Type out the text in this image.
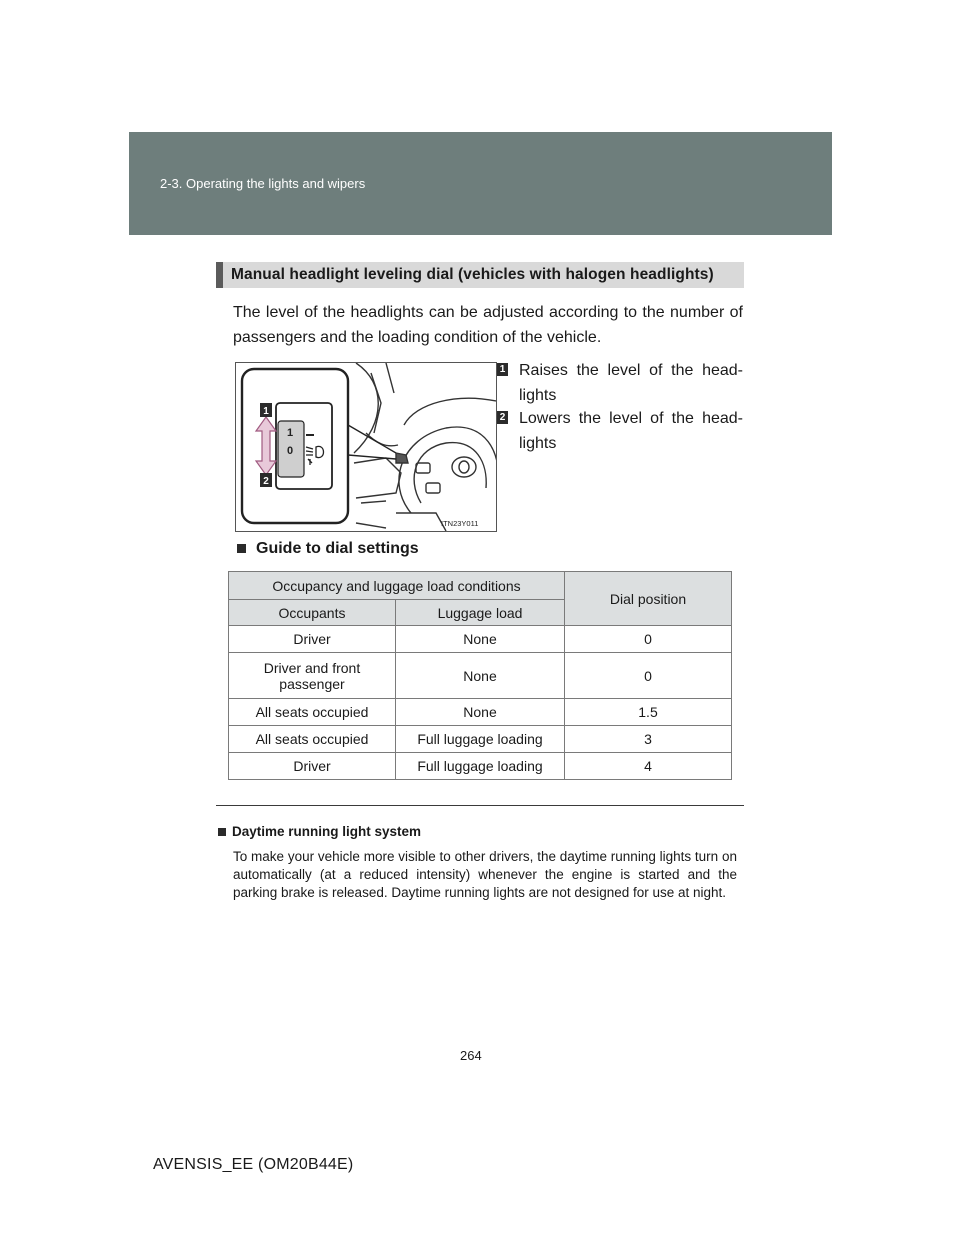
2-3. Operating the lights and wipers
Manual headlight leveling dial (vehicles with halogen headlights)
The level of the headlights can be adjusted according to the number of passengers and the loading condition of the vehicle.
1
0
1
2
ITN23Y011
1 Raises the level of the head-lights
2 Lowers the level of the head-lights
Guide to dial settings
Occupancy and luggage load conditions		Dial position
Occupants	Luggage load	
Driver	None	0
Driver and front passenger	None	0
All seats occupied	None	1.5
All seats occupied	Full luggage loading	3
Driver	Full luggage loading	4
Daytime running light system
To make your vehicle more visible to other drivers, the daytime running lights turn on automatically (at a reduced intensity) whenever the engine is started and the parking brake is released. Daytime running lights are not designed for use at night.
264
AVENSIS_EE (OM20B44E)
